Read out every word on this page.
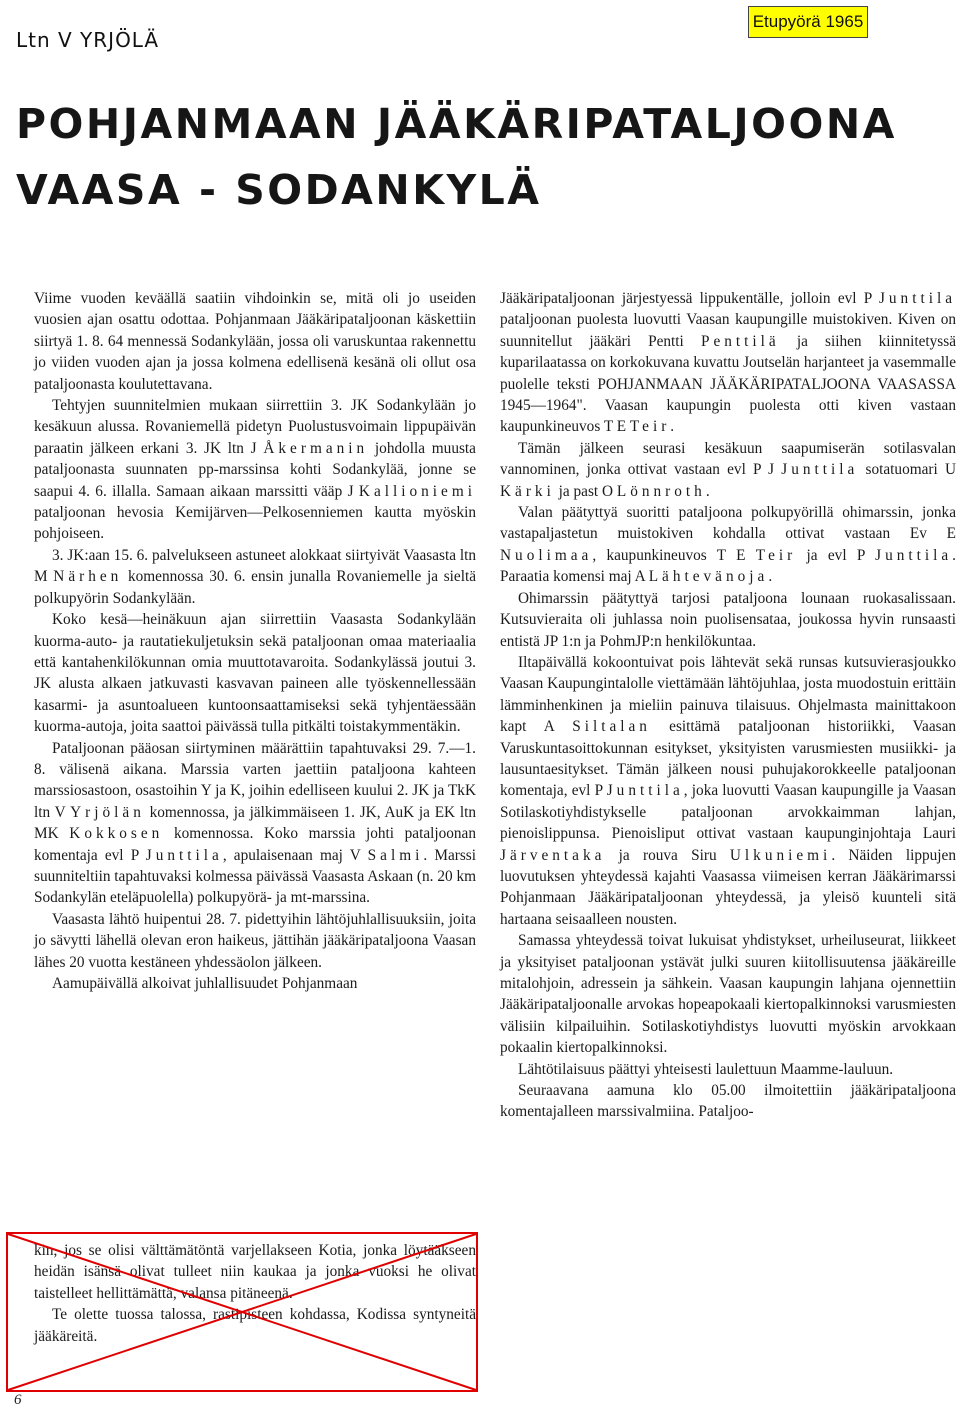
Ltn V YRJÖLÄ
Etupyörä 1965
POHJANMAAN JÄÄKÄRIPATALJOONA
VAASA - SODANKYLÄ

Viime vuoden keväällä saatiin vihdoinkin se, mitä oli jo useiden vuosien ajan osattu odottaa. Pohjanmaan Jääkäripataljoonan käskettiin siirtyä 1. 8. 64 mennessä Sodankylään, jossa oli varuskuntaa rakennettu jo viiden vuoden ajan ja jossa kolmena edellisenä kesänä oli ollut osa pataljoonasta koulutettavana.

Tehtyjen suunnitelmien mukaan siirrettiin 3. JK Sodankylään jo kesäkuun alussa. Rovaniemellä pidetyn Puolustusvoimain lippupäivän paraatin jälkeen erkani 3. JK ltn J Åkermanin johdolla muusta pataljoonasta suunnaten pp-marssinsa kohti Sodankylää, jonne se saapui 4. 6. illalla. Samaan aikaan marssitti vääp J Kallioniemi pataljoonan hevosia Kemijärven—Pelkosenniemen kautta myöskin pohjoiseen.

3. JK:aan 15. 6. palvelukseen astuneet alokkaat siirtyivät Vaasasta ltn M Närhen komennossa 30. 6. ensin junalla Rovaniemelle ja sieltä polkupyörin Sodankylään.

Koko kesä—heinäkuun ajan siirrettiin Vaasasta Sodankylään kuorma-auto- ja rautatiekuljetuksin sekä pataljoonan omaa materiaalia että kantahenkilökunnan omia muuttotavaroita. Sodankylässä joutui 3. JK alusta alkaen jatkuvasti kasvavan paineen alle työskennellessään kasarmi- ja asuntoalueen kuntoonsaattamiseksi sekä tyhjentäessään kuorma-autoja, joita saattoi päivässä tulla pitkälti toistakymmentäkin.

Pataljoonan pääosan siirtyminen määrättiin tapahtuvaksi 29. 7.—1. 8. välisenä aikana. Marssia varten jaettiin pataljoona kahteen marssiosastoon, osastoihin Y ja K, joihin edelliseen kuului 2. JK ja TkK ltn V Yrjölän komennossa, ja jälkimmäiseen 1. JK, AuK ja EK ltn MK Kokkosen komennossa. Koko marssia johti pataljoonan komentaja evl P Junttila, apulaisenaan maj V Salmi. Marssi suunniteltiin tapahtuvaksi kolmessa päivässä Vaasasta Askaan (n. 20 km Sodankylän eteläpuolella) polkupyörä- ja mt-marssina.

Vaasasta lähtö huipentui 28. 7. pidettyihin lähtöjuhlallisuuksiin, joita jo sävytti lähellä olevan eron haikeus, jättihän jääkäripataljoona Vaasan lähes 20 vuotta kestäneen yhdessäolon jälkeen.

Aamupäivällä alkoivat juhlallisuudet Pohjanmaan

kin, jos se olisi välttämätöntä varjellakseen Kotia, jonka löytääkseen heidän isänsä olivat tulleet niin kaukaa ja jonka vuoksi he olivat taistelleet hellittämättä, valansa pitäneenä.

Te olette tuossa talossa, rastipisteen kohdassa, Kodissa syntyneitä jääkäreitä.

Jääkäripataljoonan järjestyessä lippukentälle, jolloin evl P Junttila pataljoonan puolesta luovutti Vaasan kaupungille muistokiven. Kiven on suunnitellut jääkäri Pentti Penttilä ja siihen kiinnitetyssä kuparilaatassa on korkokuvana kuvattu Joutselän harjanteet ja vasemmalle puolelle teksti POHJANMAAN JÄÄKÄRIPATALJOONA VAASASSA 1945—1964". Vaasan kaupungin puolesta otti kiven vastaan kaupunkineuvos T E Teir.

Tämän jälkeen seurasi kesäkuun saapumiserän sotilasvalan vannominen, jonka ottivat vastaan evl P J Junttila sotatuomari U Kärki ja past O Lönnroth.

Valan päätyttyä suoritti pataljoona polkupyörillä ohimarssin, jonka vastapaljastetun muistokiven kohdalla ottivat vastaan Ev E Nuolimaa, kaupunkineuvos T E Teir ja evl P Junttila. Paraatia komensi maj A Lähtevänoja.

Ohimarssin päätyttyä tarjosi pataljoona lounaan ruokasalissaan. Kutsuvieraita oli juhlassa noin puolisensataa, joukossa hyvin runsaasti entistä JP 1:n ja PohmJP:n henkilökuntaa.

Iltapäivällä kokoontuivat pois lähtevät sekä runsas kutsuvierasjoukko Vaasan Kaupungintalolle viettämään lähtöjuhlaa, josta muodostuin erittäin lämminhenkinen ja mieliin painuva tilaisuus. Ohjelmasta mainittakoon kapt A Siltalan esittämä pataljoonan historiikki, Vaasan Varuskuntasoittokunnan esitykset, yksityisten varusmiesten musiikki- ja lausuntaesitykset. Tämän jälkeen nousi puhujakorokkeelle pataljoonan komentaja, evl P Junttila, joka luovutti Vaasan kaupungille ja Vaasan Sotilaskotiyhdistykselle pataljoonan arvokkaimman lahjan, pienoislippunsa. Pienoisliput ottivat vastaan kaupunginjohtaja Lauri Järventaka ja rouva Siru Ulkuniemi. Näiden lippujen luovutuksen yhteydessä kajahti Vaasassa viimeisen kerran Jääkärimarssi Pohjanmaan Jääkäripataljoonan yhteydessä, ja yleisö kuunteli sitä hartaana seisaalleen nousten.

Samassa yhteydessä toivat lukuisat yhdistykset, urheiluseurat, liikkeet ja yksityiset pataljoonan ystävät julki suuren kiitollisuutensa jääkäreille mitalohjoin, adressein ja sähkein. Vaasan kaupungin lahjana ojennettiin Jääkäripataljoonalle arvokas hopeapokaali kiertopalkinnoksi varusmiesten välisiin kilpailuihin. Sotilaskotiyhdistys luovutti myöskin arvokkaan pokaalin kiertopalkinnoksi.

Lähtötilaisuus päättyi yhteisesti laulettuun Maamme-lauluun.

Seuraavana aamuna klo 05.00 ilmoitettiin jääkäripataljoona komentajalleen marssivalmiina. Pataljoo-

6
